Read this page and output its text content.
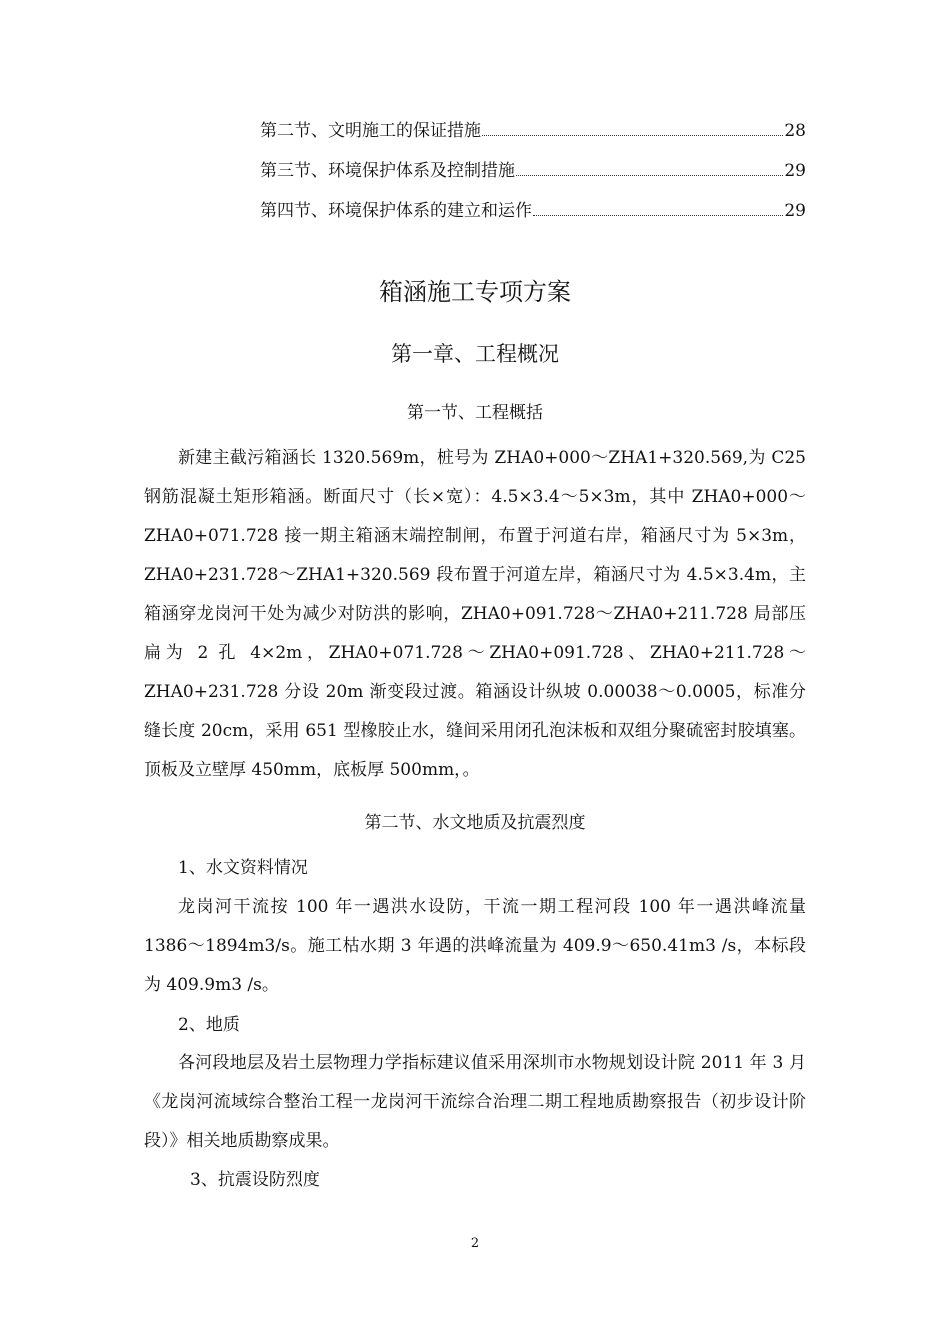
第二节、文明施工的保证措施	28
第三节、环境保护体系及控制措施	29
第四节、环境保护体系的建立和运作	29
箱涵施工专项方案
第一章、工程概况
第一节、工程概括

新建主截污箱涵长 1320.569m，桩号为 ZHA0+000～ZHA1+320.569,为 C25 钢筋混凝土矩形箱涵。断面尺寸（长×宽）：4.5×3.4～5×3m，其中 ZHA0+000～ZHA0+071.728 接一期主箱涵末端控制闸，布置于河道右岸，箱涵尺寸为 5×3m，ZHA0+231.728～ZHA1+320.569 段布置于河道左岸，箱涵尺寸为 4.5×3.4m，主箱涵穿龙岗河干处为减少对防洪的影响，ZHA0+091.728～ZHA0+211.728 局部压扁为 2 孔 4×2m，ZHA0+071.728～ZHA0+091.728、ZHA0+211.728～ZHA0+231.728 分设 20m 渐变段过渡。箱涵设计纵坡 0.00038～0.0005，标准分缝长度 20cm，采用 651 型橡胶止水，缝间采用闭孔泡沫板和双组分聚硫密封胶填塞。顶板及立壁厚 450mm，底板厚 500mm，。

第二节、水文地质及抗震烈度

1、水文资料情况

龙岗河干流按 100 年一遇洪水设防，干流一期工程河段 100 年一遇洪峰流量 1386～1894m3/s。施工枯水期 3 年遇的洪峰流量为 409.9～650.41m3 /s，本标段为 409.9m3 /s。

2、地质

各河段地层及岩土层物理力学指标建议值采用深圳市水物规划设计院 2011 年 3 月《龙岗河流域综合整治工程一龙岗河干流综合治理二期工程地质勘察报告（初步设计阶段）》相关地质勘察成果。

3、抗震设防烈度

2
